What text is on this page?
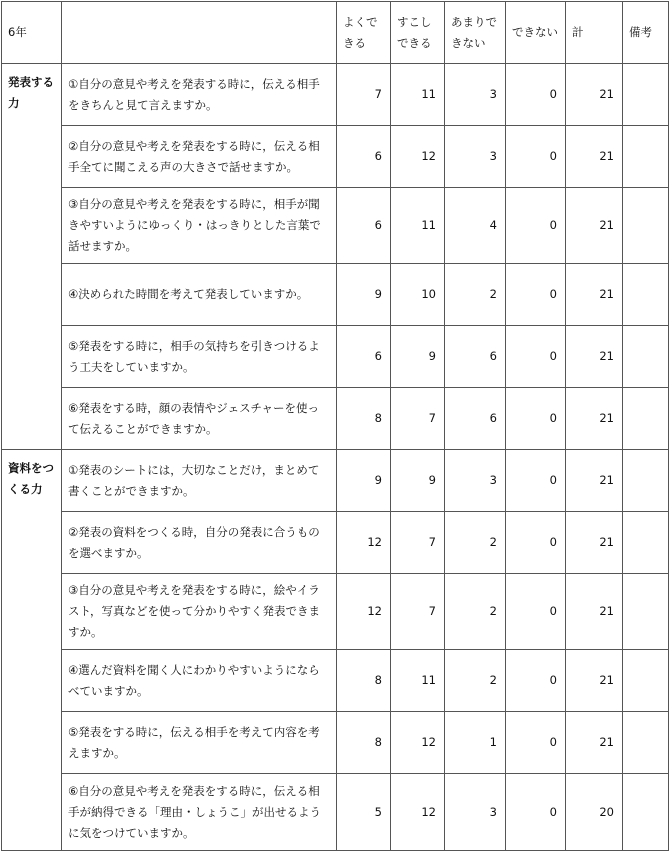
6年		よくできる	すこしできる	あまりできない	できない	計	備考
発表する力	①自分の意見や考えを発表する時に，伝える相手をきちんと見て言えますか。	7	11	3	0	21	
	②自分の意見や考えを発表をする時に，伝える相手全てに聞こえる声の大きさで話せますか。	6	12	3	0	21	
	③自分の意見や考えを発表をする時に，相手が聞きやすいようにゆっくり・はっきりとした言葉で話せますか。	6	11	4	0	21	
	④決められた時間を考えて発表していますか。	9	10	2	0	21	
	⑤発表をする時に，相手の気持ちを引きつけるよう工夫をしていますか。	6	9	6	0	21	
	⑥発表をする時，顔の表情やジェスチャーを使って伝えることができますか。	8	7	6	0	21	
資料をつくる力	①発表のシートには，大切なことだけ，まとめて書くことができますか。	9	9	3	0	21	
	②発表の資料をつくる時，自分の発表に合うものを選べますか。	12	7	2	0	21	
	③自分の意見や考えを発表をする時に，絵やイラスト，写真などを使って分かりやすく発表できますか。	12	7	2	0	21	
	④選んだ資料を聞く人にわかりやすいようにならべていますか。	8	11	2	0	21	
	⑤発表をする時に，伝える相手を考えて内容を考えますか。	8	12	1	0	21	
	⑥自分の意見や考えを発表をする時に，伝える相手が納得できる「理由・しょうこ」が出せるように気をつけていますか。	5	12	3	0	20	
